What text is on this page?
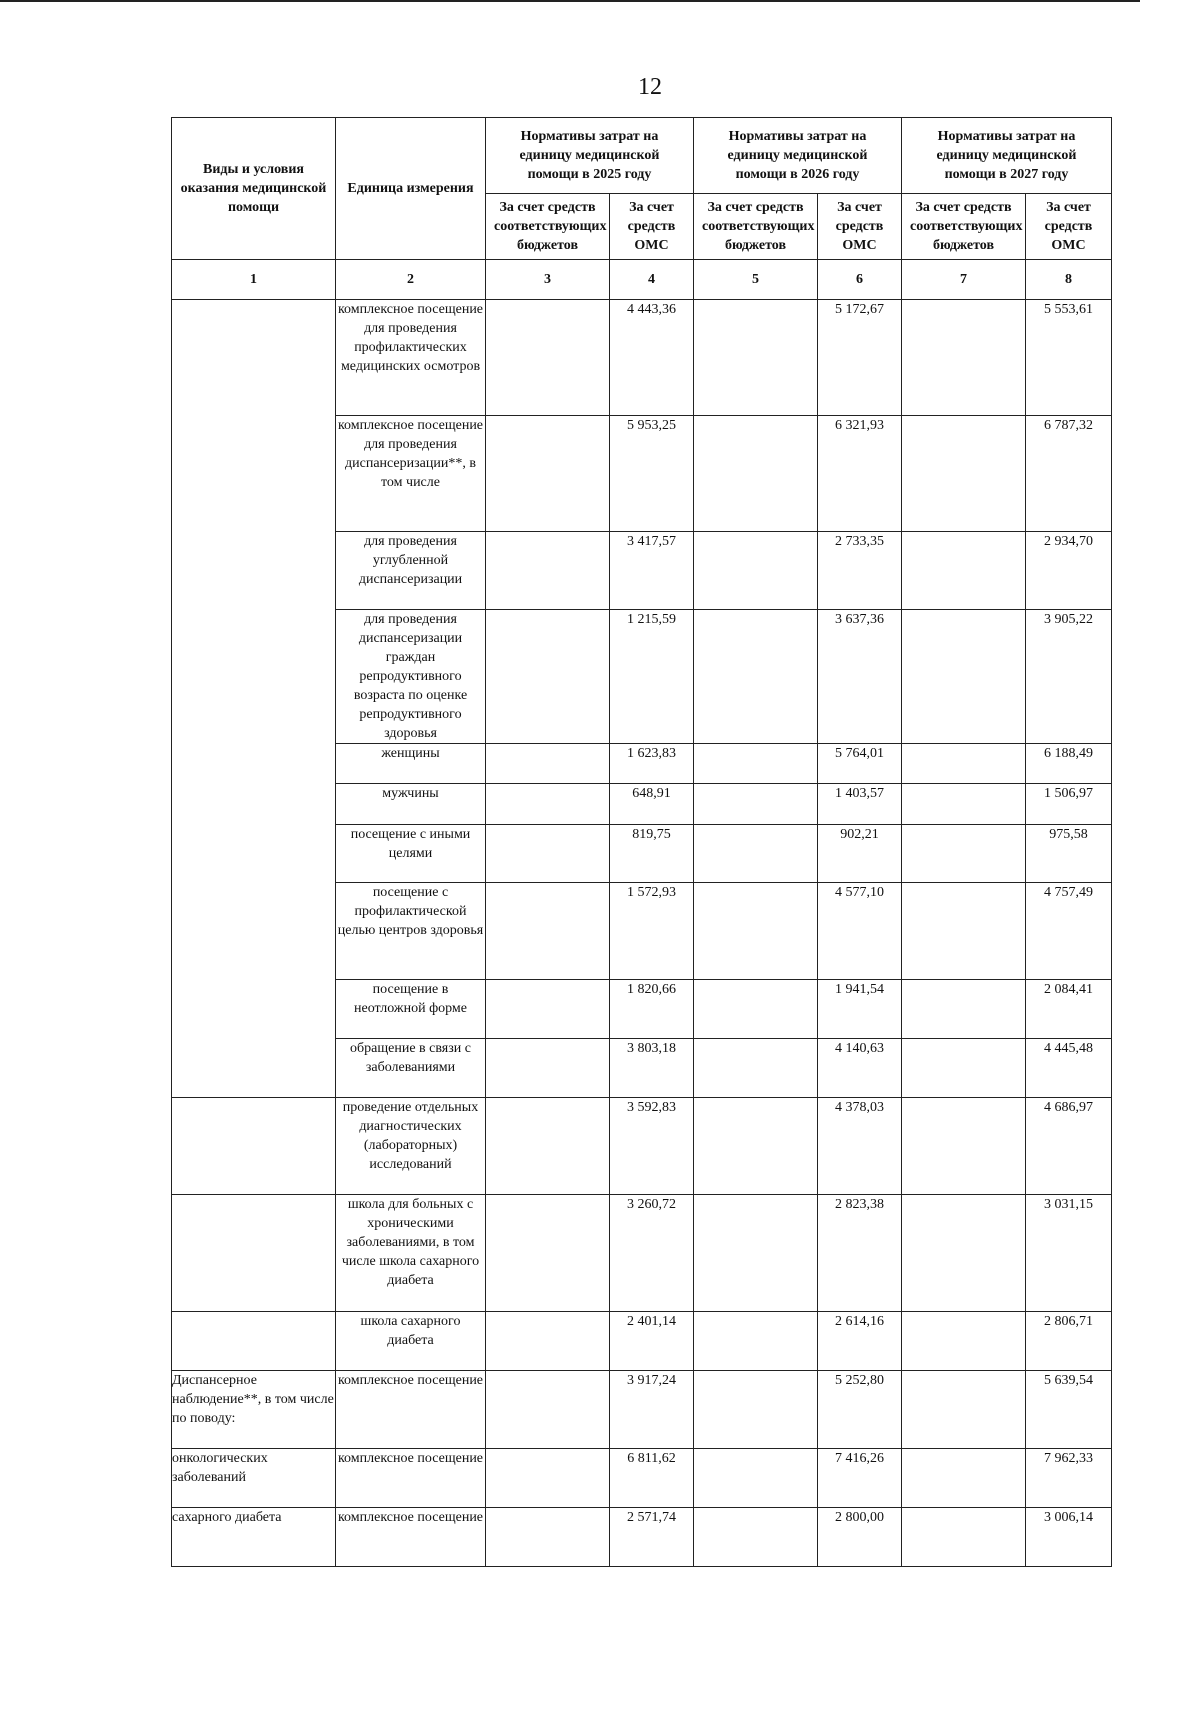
12
Виды и условия оказания медицинской помощи	Единица измерения	Нормативы затрат на единицу медицинской помощи в 2025 году		Нормативы затрат на единицу медицинской помощи в 2026 году		Нормативы затрат на единицу медицинской помощи в 2027 году	
		За счет средств соответствующих бюджетов	За счет средств ОМС	За счет средств соответствующих бюджетов	За счет средств ОМС	За счет средств соответствующих бюджетов	За счет средств ОМС
1	2	3	4	5	6	7	8
	комплексное посещение для проведения профилактических медицинских осмотров		4 443,36		5 172,67		5 553,61
	комплексное посещение для проведения диспансеризации**, в том числе		5 953,25		6 321,93		6 787,32
	для проведения углубленной диспансеризации		3 417,57		2 733,35		2 934,70
	для проведения диспансеризации граждан репродуктивного возраста по оценке репродуктивного здоровья		1 215,59		3 637,36		3 905,22
	женщины		1 623,83		5 764,01		6 188,49
	мужчины		648,91		1 403,57		1 506,97
	посещение с иными целями		819,75		902,21		975,58
	посещение с профилактической целью центров здоровья		1 572,93		4 577,10		4 757,49
	посещение в неотложной форме		1 820,66		1 941,54		2 084,41
	обращение в связи с заболеваниями		3 803,18		4 140,63		4 445,48
	проведение отдельных диагностических (лабораторных) исследований		3 592,83		4 378,03		4 686,97
	школа для больных с хроническими заболеваниями, в том числе школа сахарного диабета		3 260,72		2 823,38		3 031,15
	школа сахарного диабета		2 401,14		2 614,16		2 806,71
Диспансерное наблюдение**, в том числе по поводу:	комплексное посещение		3 917,24		5 252,80		5 639,54
онкологических заболеваний	комплексное посещение		6 811,62		7 416,26		7 962,33
сахарного диабета	комплексное посещение		2 571,74		2 800,00		3 006,14
